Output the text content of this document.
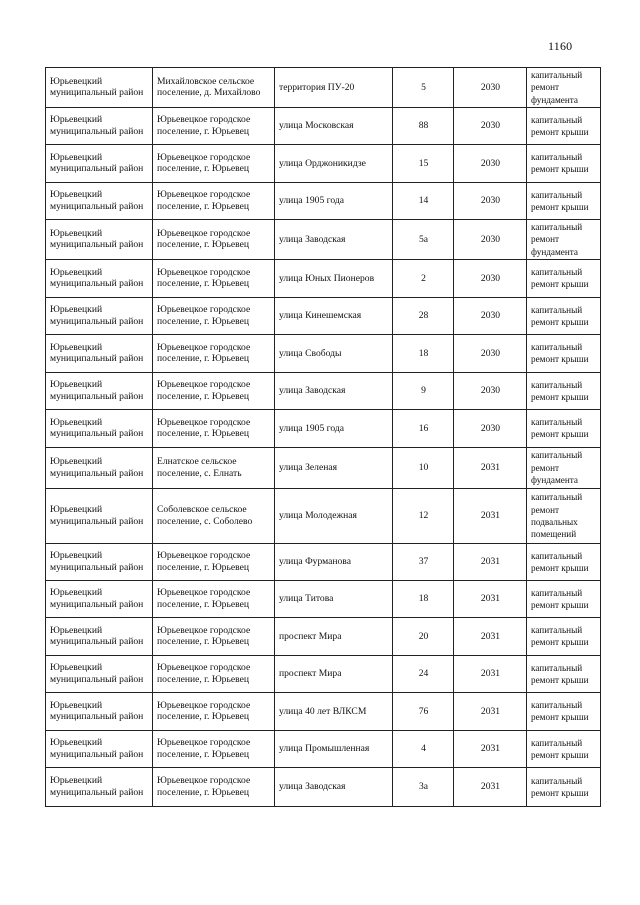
1160
Юрьевецкий муниципальный район	Михайловское сельское поселение, д. Михайлово	территория ПУ-20	5	2030	капитальный ремонт фундамента
Юрьевецкий муниципальный район	Юрьевецкое городское поселение, г. Юрьевец	улица Московская	88	2030	капитальный ремонт крыши
Юрьевецкий муниципальный район	Юрьевецкое городское поселение, г. Юрьевец	улица Орджоникидзе	15	2030	капитальный ремонт крыши
Юрьевецкий муниципальный район	Юрьевецкое городское поселение, г. Юрьевец	улица 1905 года	14	2030	капитальный ремонт крыши
Юрьевецкий муниципальный район	Юрьевецкое городское поселение, г. Юрьевец	улица Заводская	5а	2030	капитальный ремонт фундамента
Юрьевецкий муниципальный район	Юрьевецкое городское поселение, г. Юрьевец	улица Юных Пионеров	2	2030	капитальный ремонт крыши
Юрьевецкий муниципальный район	Юрьевецкое городское поселение, г. Юрьевец	улица Кинешемская	28	2030	капитальный ремонт крыши
Юрьевецкий муниципальный район	Юрьевецкое городское поселение, г. Юрьевец	улица Свободы	18	2030	капитальный ремонт крыши
Юрьевецкий муниципальный район	Юрьевецкое городское поселение, г. Юрьевец	улица Заводская	9	2030	капитальный ремонт крыши
Юрьевецкий муниципальный район	Юрьевецкое городское поселение, г. Юрьевец	улица 1905 года	16	2030	капитальный ремонт крыши
Юрьевецкий муниципальный район	Елнатское сельское поселение, с. Елнать	улица Зеленая	10	2031	капитальный ремонт фундамента
Юрьевецкий муниципальный район	Соболевское сельское поселение, с. Соболево	улица Молодежная	12	2031	капитальный ремонт подвальных помещений
Юрьевецкий муниципальный район	Юрьевецкое городское поселение, г. Юрьевец	улица Фурманова	37	2031	капитальный ремонт крыши
Юрьевецкий муниципальный район	Юрьевецкое городское поселение, г. Юрьевец	улица Титова	18	2031	капитальный ремонт крыши
Юрьевецкий муниципальный район	Юрьевецкое городское поселение, г. Юрьевец	проспект Мира	20	2031	капитальный ремонт крыши
Юрьевецкий муниципальный район	Юрьевецкое городское поселение, г. Юрьевец	проспект Мира	24	2031	капитальный ремонт крыши
Юрьевецкий муниципальный район	Юрьевецкое городское поселение, г. Юрьевец	улица 40 лет ВЛКСМ	76	2031	капитальный ремонт крыши
Юрьевецкий муниципальный район	Юрьевецкое городское поселение, г. Юрьевец	улица Промышленная	4	2031	капитальный ремонт крыши
Юрьевецкий муниципальный район	Юрьевецкое городское поселение, г. Юрьевец	улица Заводская	3а	2031	капитальный ремонт крыши
